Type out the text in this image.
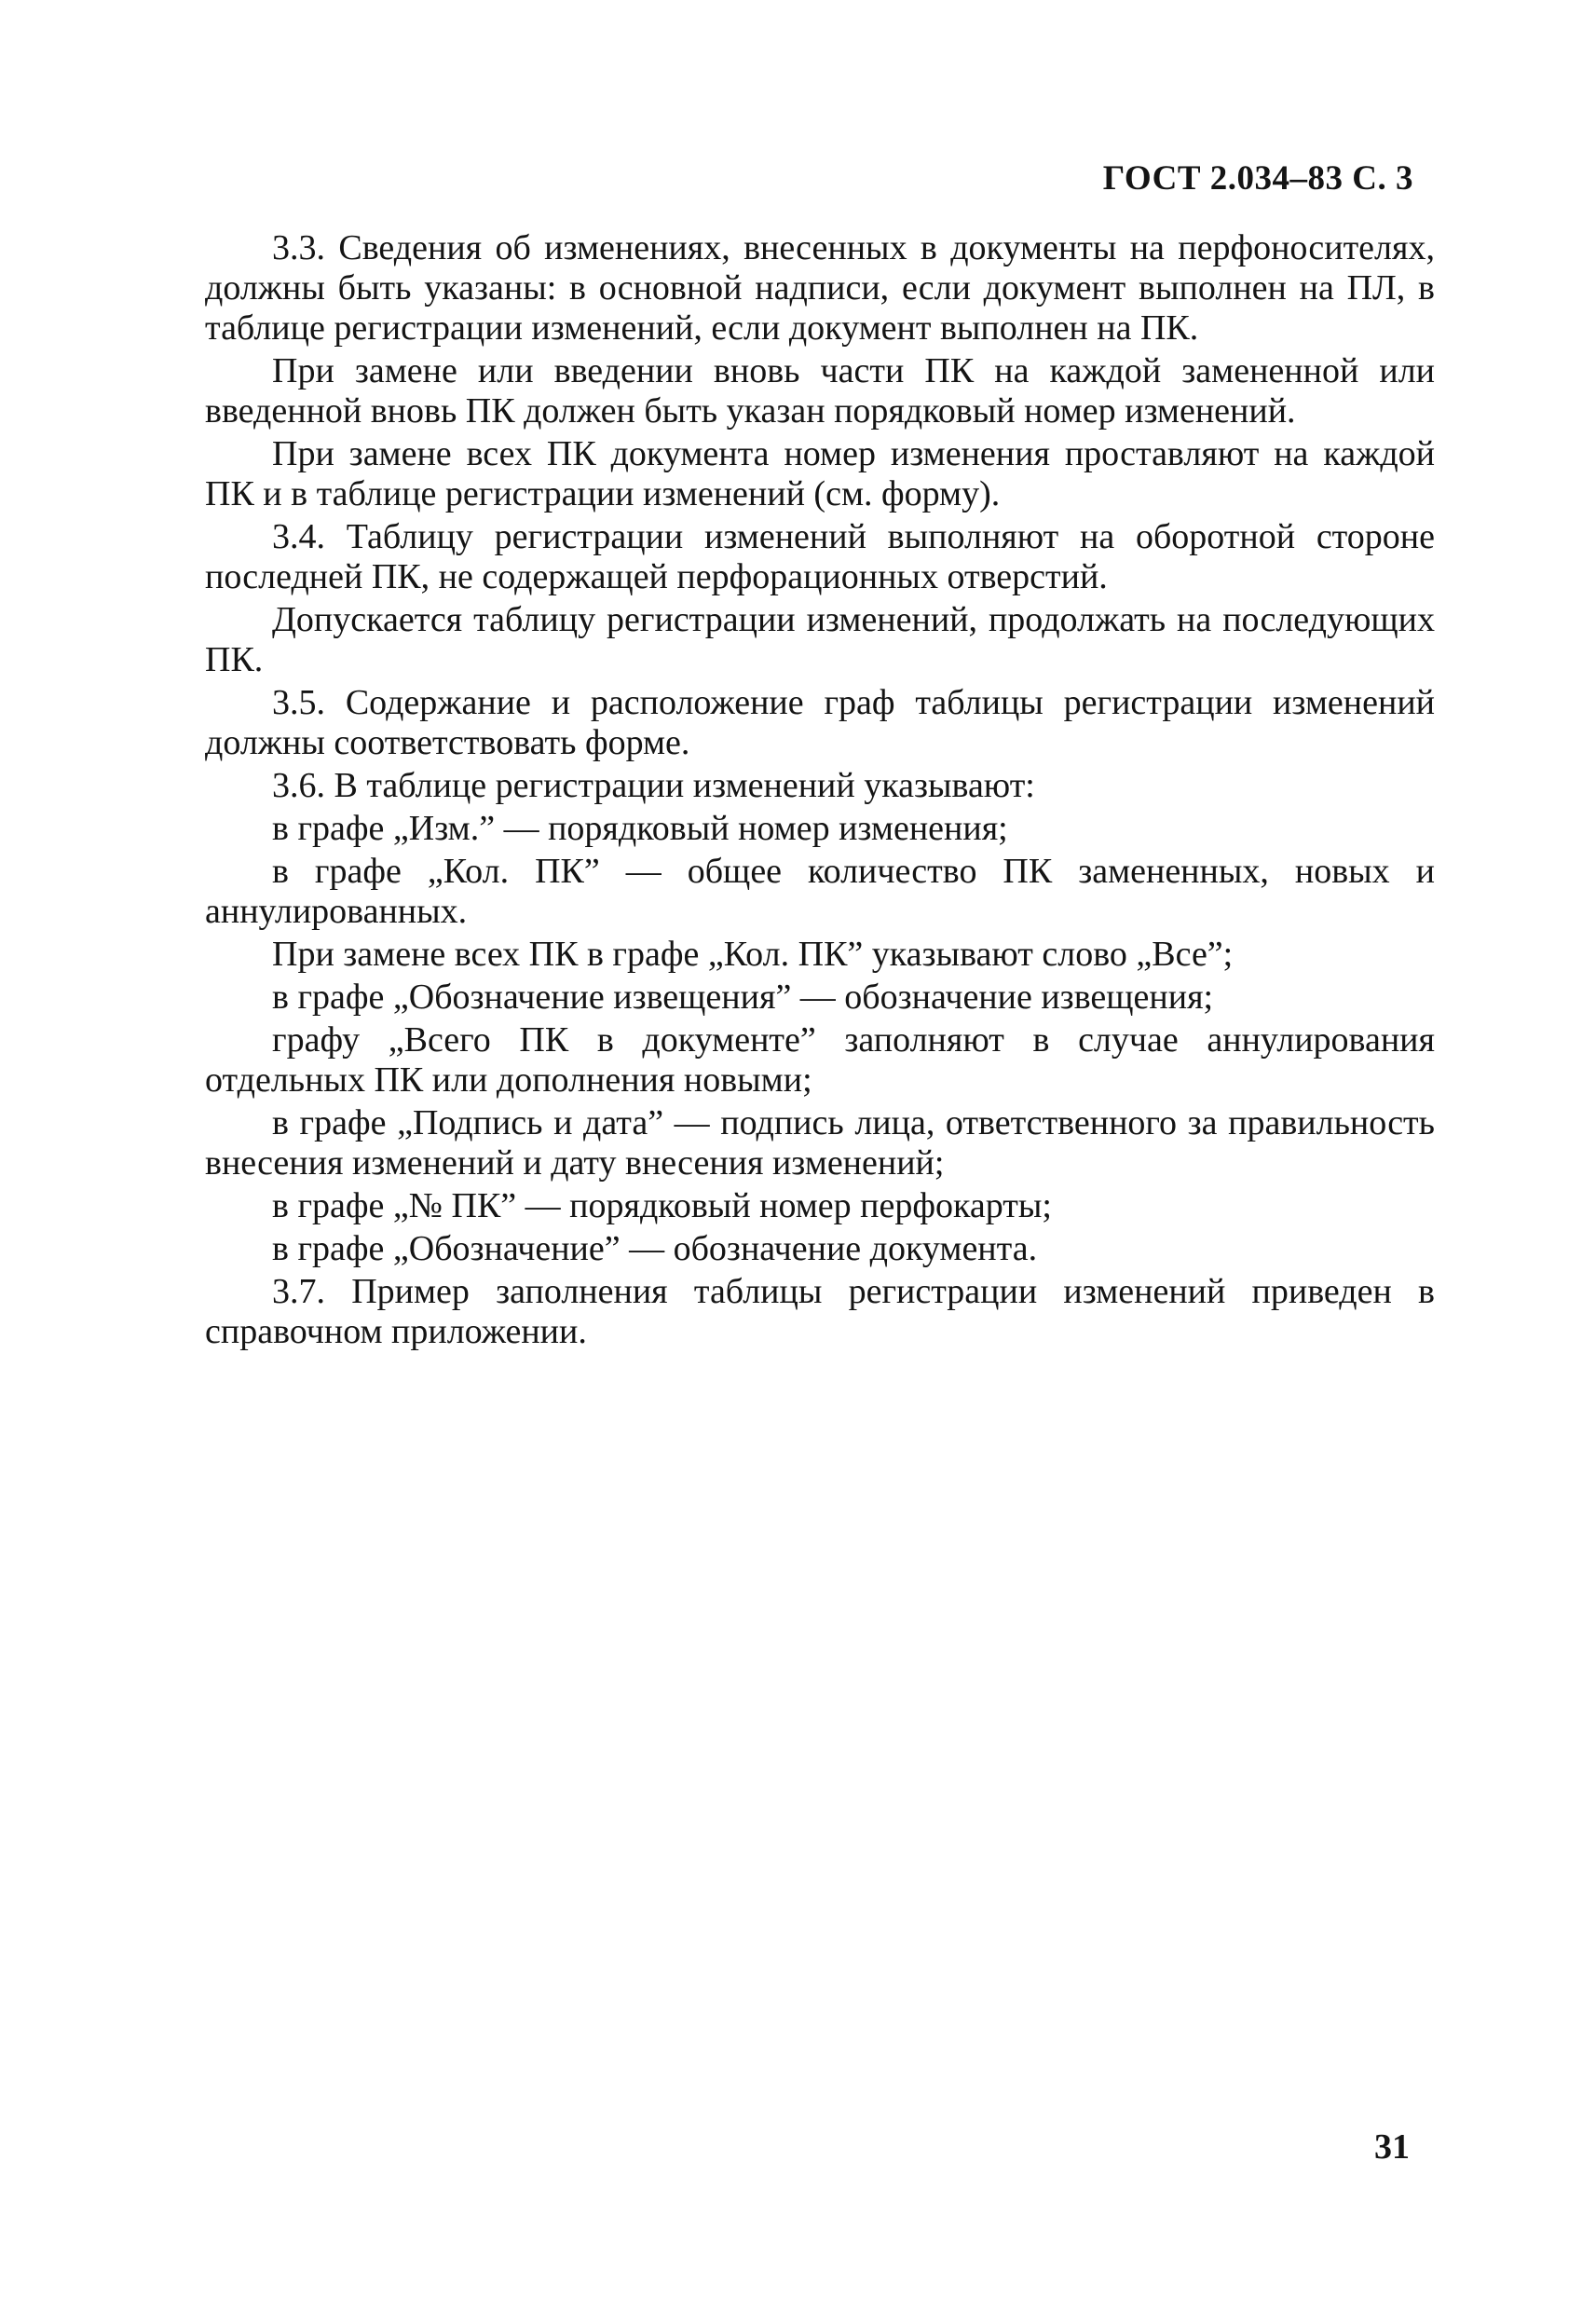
ГОСТ 2.034–83 С. 3

3.3. Сведения об изменениях, внесенных в документы на перфоносителях, должны быть указаны: в основной надписи, если документ выполнен на ПЛ, в таблице регистрации изменений, если документ выполнен на ПК.

При замене или введении вновь части ПК на каждой замененной или введенной вновь ПК должен быть указан порядковый номер изменений.

При замене всех ПК документа номер изменения проставляют на каждой ПК и в таблице регистрации изменений (см. форму).

3.4. Таблицу регистрации изменений выполняют на оборотной стороне последней ПК, не содержащей перфорационных отверстий.

Допускается таблицу регистрации изменений, продолжать на последующих ПК.

3.5. Содержание и расположение граф таблицы регистрации изменений должны соответствовать форме.

3.6. В таблице регистрации изменений указывают:

в графе „Изм.” — порядковый номер изменения;

в графе „Кол. ПК” — общее количество ПК замененных, новых и аннулированных.

При замене всех ПК в графе „Кол. ПК” указывают слово „Все”;

в графе „Обозначение извещения” — обозначение извещения;

графу „Всего ПК в документе” заполняют в случае аннулирования отдельных ПК или дополнения новыми;

в графе „Подпись и дата” — подпись лица, ответственного за правильность внесения изменений и дату внесения изменений;

в графе „№ ПК” — порядковый номер перфокарты;

в графе „Обозначение” — обозначение документа.

3.7. Пример заполнения таблицы регистрации изменений приведен в справочном приложении.

31
